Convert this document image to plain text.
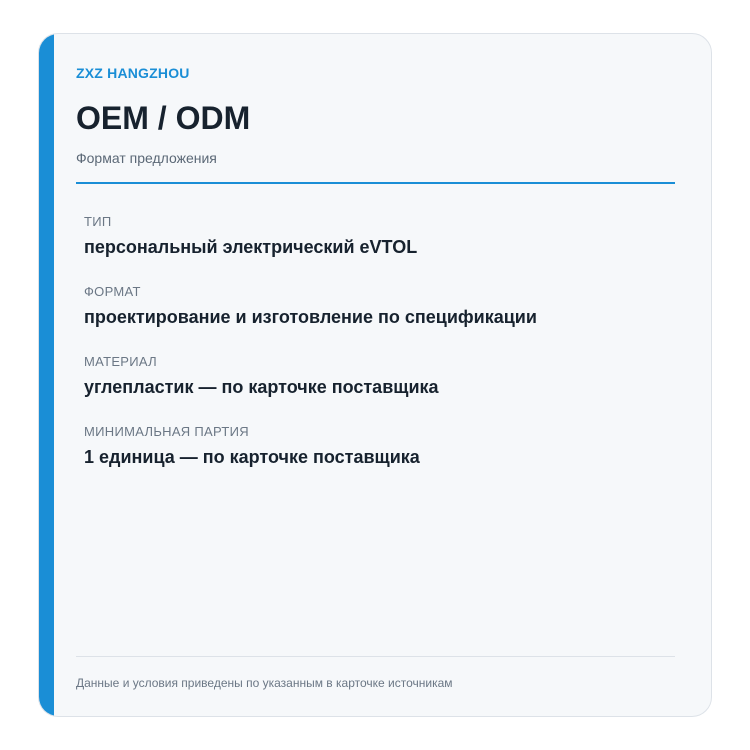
ZXZ HANGZHOU
OEM / ODM
Формат предложения
ТИП
персональный электрический eVTOL
ФОРМАТ
проектирование и изготовление по спецификации
МАТЕРИАЛ
углепластик — по карточке поставщика
МИНИМАЛЬНАЯ ПАРТИЯ
1 единица — по карточке поставщика
Данные и условия приведены по указанным в карточке источникам
